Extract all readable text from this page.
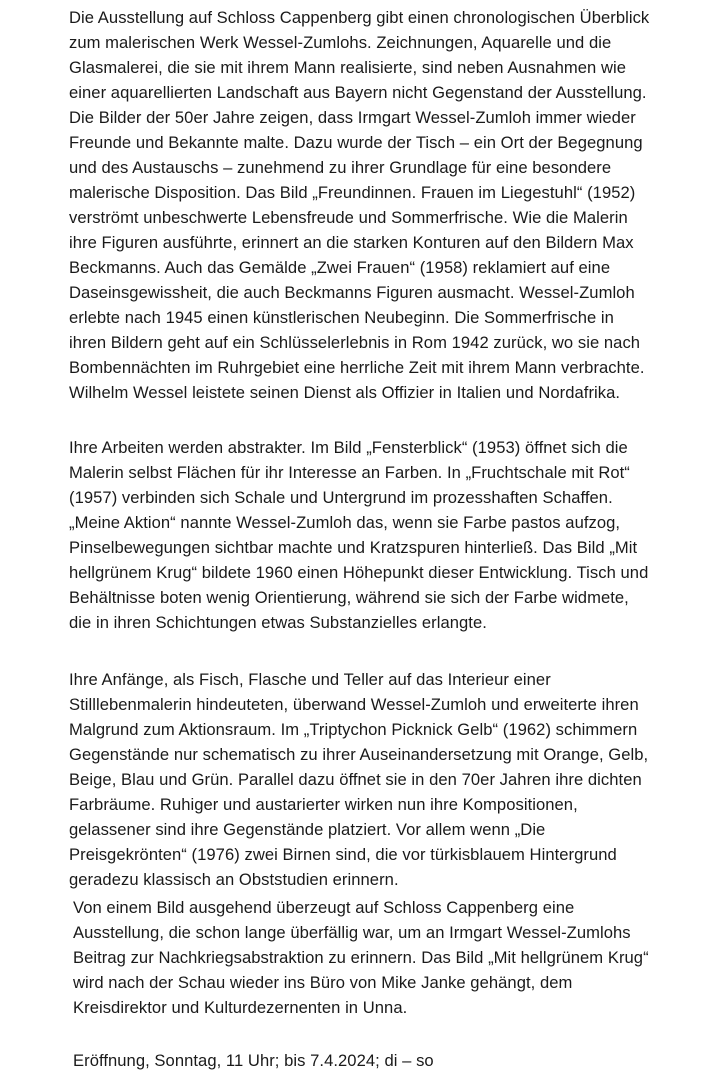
Die Ausstellung auf Schloss Cappenberg gibt einen chronologischen Überblick
zum malerischen Werk Wessel-Zumlohs. Zeichnungen, Aquarelle und die
Glasmalerei, die sie mit ihrem Mann realisierte, sind neben Ausnahmen wie
einer aquarellierten Landschaft aus Bayern nicht Gegenstand der Ausstellung.
Die Bilder der 50er Jahre zeigen, dass Irmgart Wessel-Zumloh immer wieder
Freunde und Bekannte malte. Dazu wurde der Tisch – ein Ort der Begegnung
und des Austauschs – zunehmend zu ihrer Grundlage für eine besondere
malerische Disposition. Das Bild „Freundinnen. Frauen im Liegestuhl“ (1952)
verströmt unbeschwerte Lebensfreude und Sommerfrische. Wie die Malerin
ihre Figuren ausführte, erinnert an die starken Konturen auf den Bildern Max
Beckmanns. Auch das Gemälde „Zwei Frauen“ (1958) reklamiert auf eine
Daseinsgewissheit, die auch Beckmanns Figuren ausmacht. Wessel-Zumloh
erlebte nach 1945 einen künstlerischen Neubeginn. Die Sommerfrische in
ihren Bildern geht auf ein Schlüsselerlebnis in Rom 1942 zurück, wo sie nach
Bombennächten im Ruhrgebiet eine herrliche Zeit mit ihrem Mann verbrachte.
Wilhelm Wessel leistete seinen Dienst als Offizier in Italien und Nordafrika.
Ihre Arbeiten werden abstrakter. Im Bild „Fensterblick“ (1953) öffnet sich die
Malerin selbst Flächen für ihr Interesse an Farben. In „Fruchtschale mit Rot“
(1957) verbinden sich Schale und Untergrund im prozesshaften Schaffen.
„Meine Aktion“ nannte Wessel-Zumloh das, wenn sie Farbe pastos aufzog,
Pinselbewegungen sichtbar machte und Kratzspuren hinterließ. Das Bild „Mit
hellgrünem Krug“ bildete 1960 einen Höhepunkt dieser Entwicklung. Tisch und
Behältnisse boten wenig Orientierung, während sie sich der Farbe widmete,
die in ihren Schichtungen etwas Substanzielles erlangte.
Ihre Anfänge, als Fisch, Flasche und Teller auf das Interieur einer
Stilllebenmalerin hindeuteten, überwand Wessel-Zumloh und erweiterte ihren
Malgrund zum Aktionsraum. Im „Triptychon Picknick Gelb“ (1962) schimmern
Gegenstände nur schematisch zu ihrer Auseinandersetzung mit Orange, Gelb,
Beige, Blau und Grün. Parallel dazu öffnet sie in den 70er Jahren ihre dichten
Farbräume. Ruhiger und austarierter wirken nun ihre Kompositionen,
gelassener sind ihre Gegenstände platziert. Vor allem wenn „Die
Preisgekrönten“ (1976) zwei Birnen sind, die vor türkisblauem Hintergrund
geradezu klassisch an Obststudien erinnern.
Von einem Bild ausgehend überzeugt auf Schloss Cappenberg eine
Ausstellung, die schon lange überfällig war, um an Irmgart Wessel-Zumlohs
Beitrag zur Nachkriegsabstraktion zu erinnern. Das Bild „Mit hellgrünem Krug“
wird nach der Schau wieder ins Büro von Mike Janke gehängt, dem
Kreisdirektor und Kulturdezernenten in Unna.
Eröffnung, Sonntag, 11 Uhr; bis 7.4.2024; di – so
